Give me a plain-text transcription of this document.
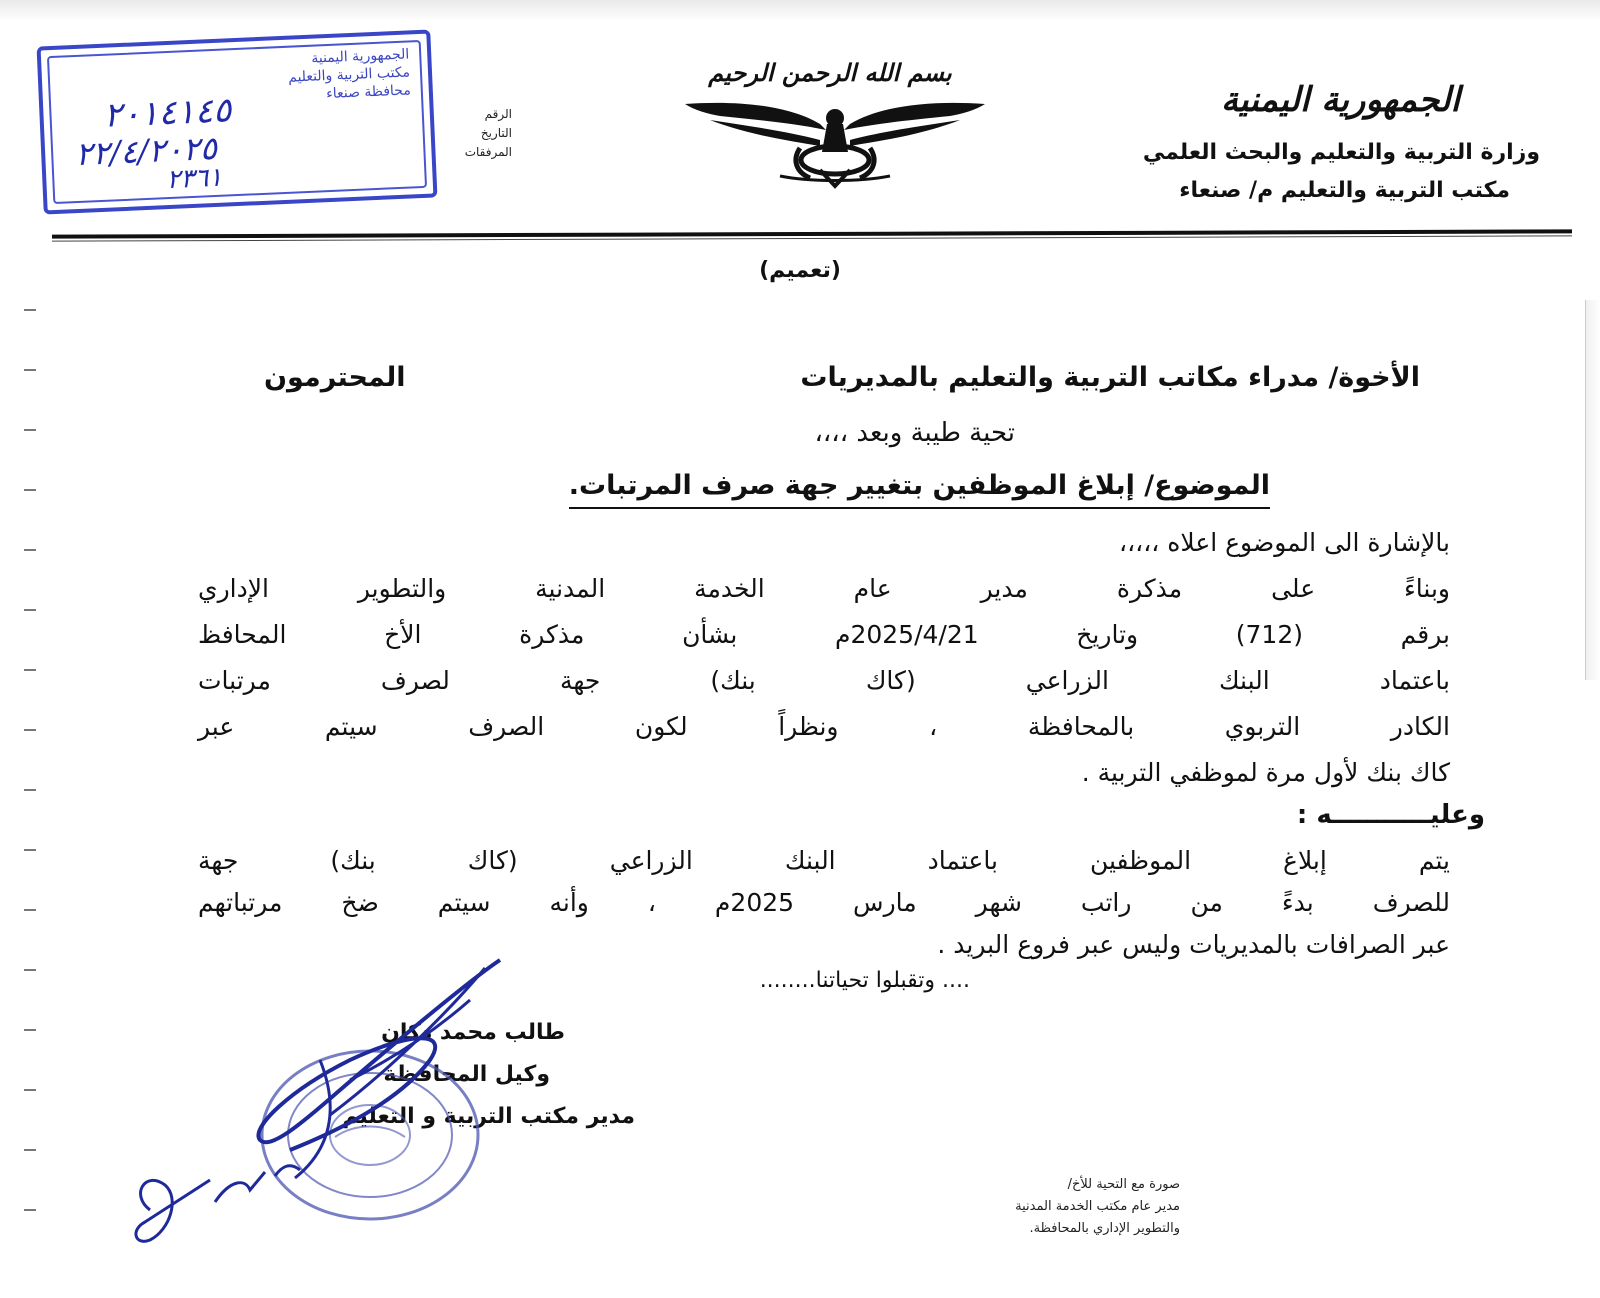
الجمهورية اليمنية
وزارة التربية والتعليم والبحث العلمي
مكتب التربية والتعليم م/ صنعاء
بسم الله الرحمن الرحيم
الرقم
التاريخ
المرفقات
الجمهورية اليمنية
مكتب التربية والتعليم
محافظة صنعاء
٢٠١٤١٤٥
٢٢/٤/٢٠٢٥
٢٣٦١
(تعميم)
الأخوة/ مدراء مكاتب التربية والتعليم بالمديريات
المحترمون
تحية طيبة وبعد ،،،،
الموضوع/ إبلاغ الموظفين بتغيير جهة صرف المرتبات.
بالإشارة الى الموضوع اعلاه ،،،،،
وبناءً على مذكرة مدير عام الخدمة المدنية والتطوير الإداري
برقم (712) وتاريخ 2025/4/21م بشأن مذكرة الأخ المحافظ
باعتماد البنك الزراعي (كاك بنك) جهة لصرف مرتبات
الكادر التربوي بالمحافظة ، ونظراً لكون الصرف سيتم عبر
كاك بنك لأول مرة لموظفي التربية .
وعليـــــــــــه :
يتم إبلاغ الموظفين باعتماد البنك الزراعي (كاك بنك) جهة
للصرف بدءً من راتب شهر مارس 2025م ، وأنه سيتم ضخ مرتباتهم
عبر الصرافات بالمديريات وليس عبر فروع البريد .
.... وتقبلوا تحياتنا........
طالب محمد دكان
وكيل المحافظة
مدير مكتب التربية و التعليم
صورة مع التحية للأخ/
مدير عام مكتب الخدمة المدنية
والتطوير الإداري بالمحافظة.
